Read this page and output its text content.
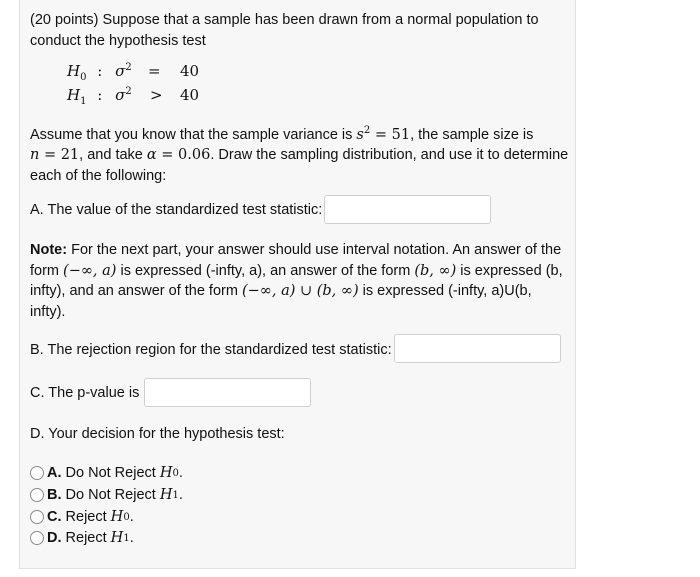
(20 points) Suppose that a sample has been drawn from a normal population to
conduct the hypothesis test
$H_0$ : $\sigma^2 = 40$
$H_1$ : $\sigma^2 > 40$
Assume that you know that the sample variance is $s^2 = 51$, the sample size is
n = 21, and take α = 0.06. Draw the sampling distribution, and use it to determine
each of the following:
A. The value of the standardized test statistic:
Note: For the next part, your answer should use interval notation. An answer of the
form (−∞, a) is expressed (-infty, a), an answer of the form (b, ∞) is expressed (b,
infty), and an answer of the form (−∞, a) ∪ (b, ∞) is expressed (-infty, a)U(b,
infty).
B. The rejection region for the standardized test statistic:
C. The p-value is
D. Your decision for the hypothesis test:
A. Do Not Reject H 0 .
B. Do Not Reject H 1 .
C. Reject H 0 .
D. Reject H 1 .
